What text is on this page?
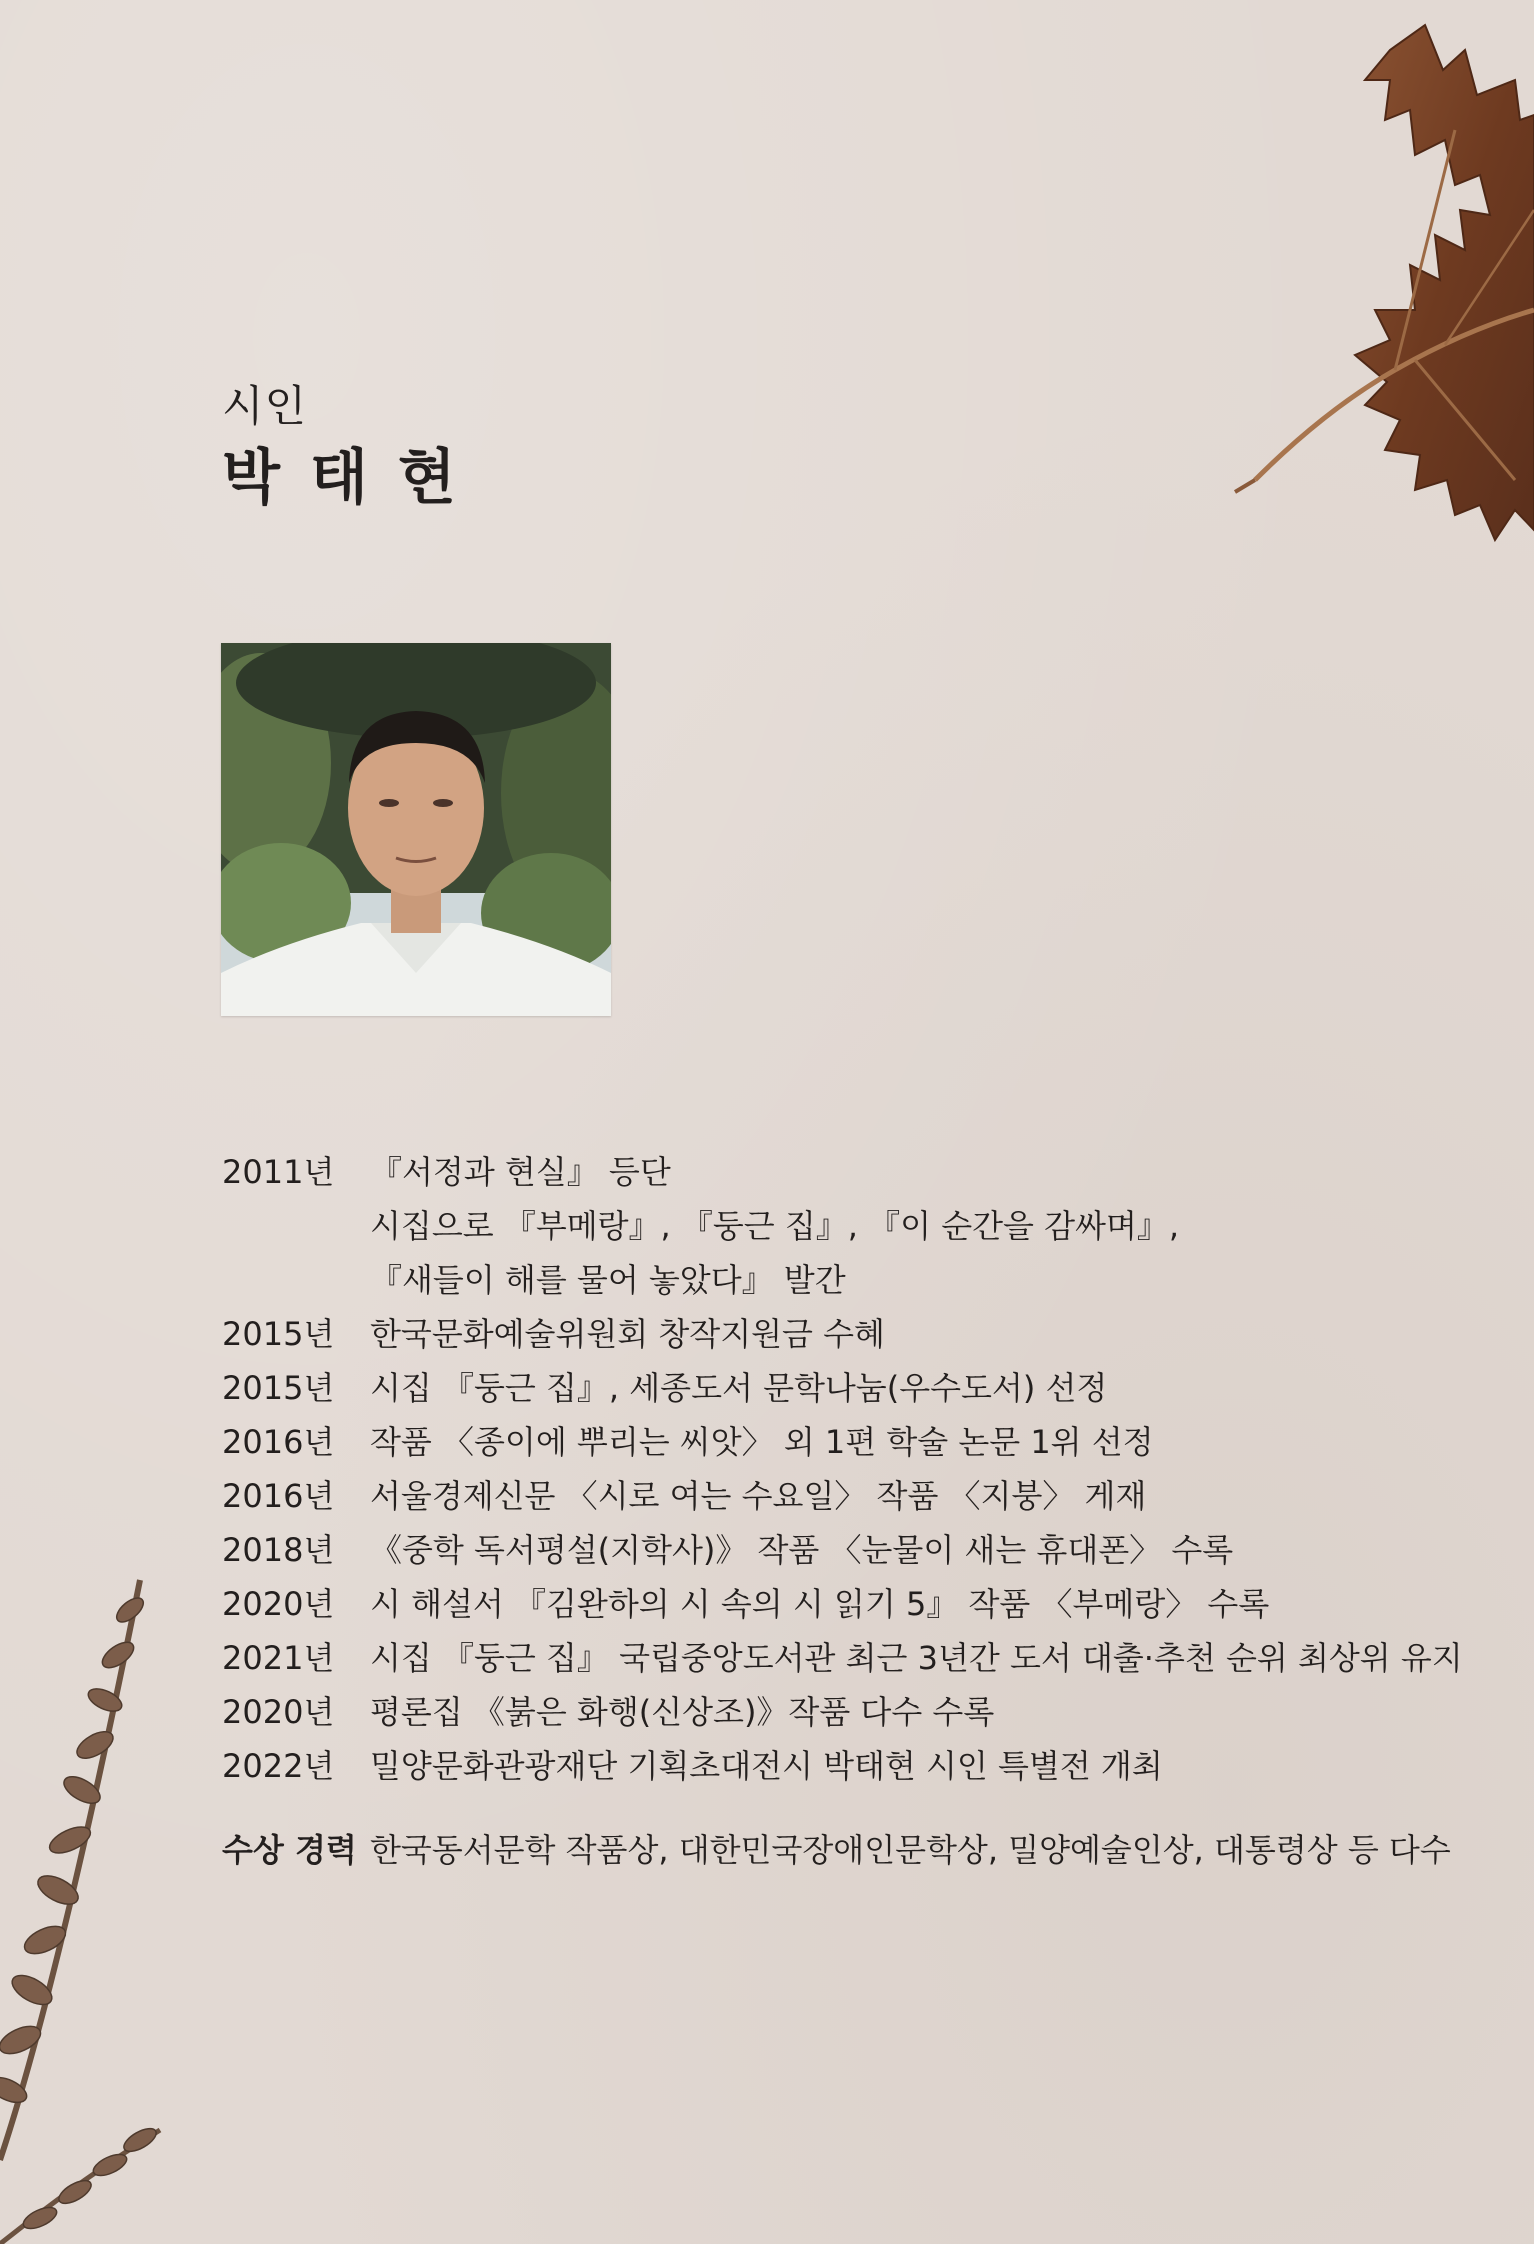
시인
박태현
2011년	『서정과 현실』 등단
시집으로 『부메랑』, 『둥근 집』, 『이 순간을 감싸며』,
『새들이 해를 물어 놓았다』 발간
2015년	한국문화예술위원회 창작지원금 수혜
2015년	시집 『둥근 집』, 세종도서 문학나눔(우수도서) 선정
2016년	작품 〈종이에 뿌리는 씨앗〉 외 1편 학술 논문 1위 선정
2016년	서울경제신문 〈시로 여는 수요일〉 작품 〈지붕〉 게재
2018년	《중학 독서평설(지학사)》 작품 〈눈물이 새는 휴대폰〉 수록
2020년	시 해설서 『김완하의 시 속의 시 읽기 5』 작품 〈부메랑〉 수록
2021년	시집 『둥근 집』 국립중앙도서관 최근 3년간 도서 대출·추천 순위 최상위 유지
2020년	평론집 《붉은 화행(신상조)》작품 다수 수록
2022년	밀양문화관광재단 기획초대전시 박태현 시인 특별전 개최
수상 경력 한국동서문학 작품상, 대한민국장애인문학상, 밀양예술인상, 대통령상 등 다수
